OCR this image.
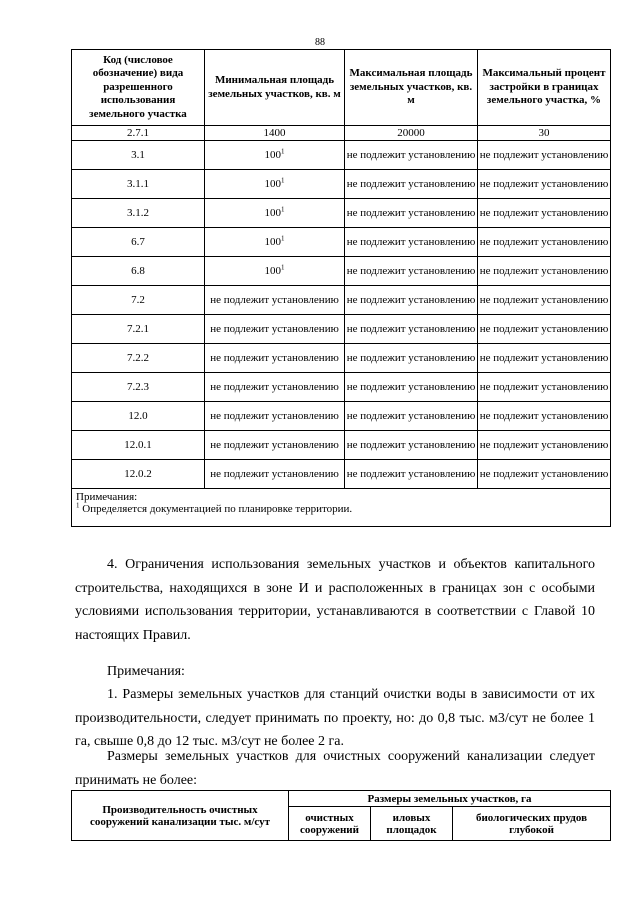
88
Код (числовое обозначение) вида разрешенного использования земельного участка	Минимальная площадь земельных участков, кв. м	Максимальная площадь земельных участков, кв. м	Максимальный процент застройки в границах земельного участка, %
2.7.1	1400	20000	30
3.1	$100^1$	не подлежит установлению	не подлежит установлению
3.1.1	$100^1$	не подлежит установлению	не подлежит установлению
3.1.2	$100^1$	не подлежит установлению	не подлежит установлению
6.7	$100^1$	не подлежит установлению	не подлежит установлению
6.8	$100^1$	не подлежит установлению	не подлежит установлению
7.2	не подлежит установлению	не подлежит установлению	не подлежит установлению
7.2.1	не подлежит установлению	не подлежит установлению	не подлежит установлению
7.2.2	не подлежит установлению	не подлежит установлению	не подлежит установлению
7.2.3	не подлежит установлению	не подлежит установлению	не подлежит установлению
12.0	не подлежит установлению	не подлежит установлению	не подлежит установлению
12.0.1	не подлежит установлению	не подлежит установлению	не подлежит установлению
12.0.2	не подлежит установлению	не подлежит установлению	не подлежит установлению

Примечания:
$^1$ Определяется документацией по планировке территории.			
4. Ограничения использования земельных участков и объектов капитального строительства, находящихся в зоне И и расположенных в границах зон с особыми условиями использования территории, устанавливаются в соответствии с Главой 10 настоящих Правил.
Примечания:
1. Размеры земельных участков для станций очистки воды в зависимости от их производительности, следует принимать по проекту, но: до 0,8 тыс. м3/сут не более 1 га, свыше 0,8 до 12 тыс. м3/сут не более 2 га.
Размеры земельных участков для очистных сооружений канализации следует принимать не более:
Производительность очистных сооружений канализации тыс. м/сут	Размеры земельных участков, га		
	очистных сооружений	иловых площадок	биологических прудов глубокой
